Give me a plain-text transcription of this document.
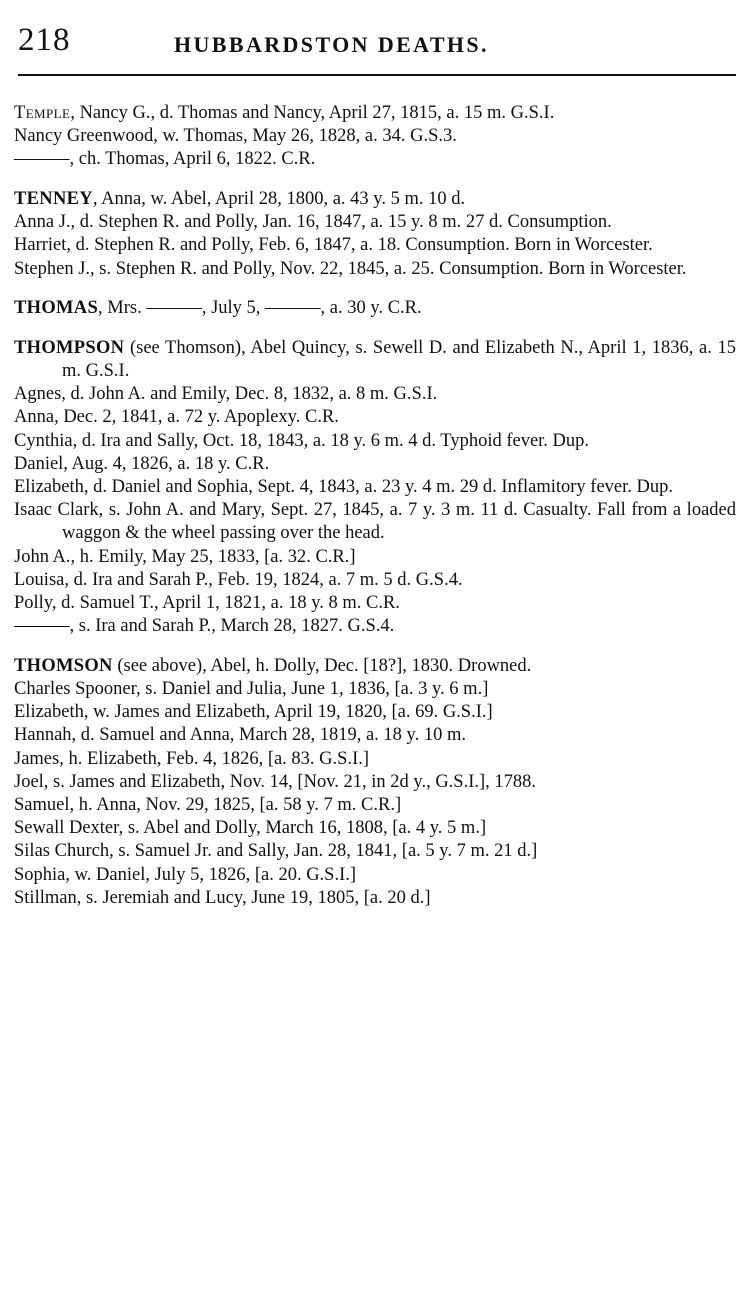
218	HUBBARDSTON DEATHS.

Temple, Nancy G., d. Thomas and Nancy, April 27, 1815, a. 15 m. G.S.I.

Nancy Greenwood, w. Thomas, May 26, 1828, a. 34. G.S.3.

———, ch. Thomas, April 6, 1822. C.R.

TENNEY, Anna, w. Abel, April 28, 1800, a. 43 y. 5 m. 10 d.

Anna J., d. Stephen R. and Polly, Jan. 16, 1847, a. 15 y. 8 m. 27 d. Consumption.

Harriet, d. Stephen R. and Polly, Feb. 6, 1847, a. 18. Consumption. Born in Worcester.

Stephen J., s. Stephen R. and Polly, Nov. 22, 1845, a. 25. Consumption. Born in Worcester.

THOMAS, Mrs. ———, July 5, ———, a. 30 y. C.R.

THOMPSON (see Thomson), Abel Quincy, s. Sewell D. and Elizabeth N., April 1, 1836, a. 15 m. G.S.I.

Agnes, d. John A. and Emily, Dec. 8, 1832, a. 8 m. G.S.I.

Anna, Dec. 2, 1841, a. 72 y. Apoplexy. C.R.

Cynthia, d. Ira and Sally, Oct. 18, 1843, a. 18 y. 6 m. 4 d. Typhoid fever. Dup.

Daniel, Aug. 4, 1826, a. 18 y. C.R.

Elizabeth, d. Daniel and Sophia, Sept. 4, 1843, a. 23 y. 4 m. 29 d. Inflamitory fever. Dup.

Isaac Clark, s. John A. and Mary, Sept. 27, 1845, a. 7 y. 3 m. 11 d. Casualty. Fall from a loaded waggon & the wheel passing over the head.

John A., h. Emily, May 25, 1833, [a. 32. C.R.]

Louisa, d. Ira and Sarah P., Feb. 19, 1824, a. 7 m. 5 d. G.S.4.

Polly, d. Samuel T., April 1, 1821, a. 18 y. 8 m. C.R.

———, s. Ira and Sarah P., March 28, 1827. G.S.4.

THOMSON (see above), Abel, h. Dolly, Dec. [18?], 1830. Drowned.

Charles Spooner, s. Daniel and Julia, June 1, 1836, [a. 3 y. 6 m.]

Elizabeth, w. James and Elizabeth, April 19, 1820, [a. 69. G.S.I.]

Hannah, d. Samuel and Anna, March 28, 1819, a. 18 y. 10 m.

James, h. Elizabeth, Feb. 4, 1826, [a. 83. G.S.I.]

Joel, s. James and Elizabeth, Nov. 14, [Nov. 21, in 2d y., G.S.I.], 1788.

Samuel, h. Anna, Nov. 29, 1825, [a. 58 y. 7 m. C.R.]

Sewall Dexter, s. Abel and Dolly, March 16, 1808, [a. 4 y. 5 m.]

Silas Church, s. Samuel Jr. and Sally, Jan. 28, 1841, [a. 5 y. 7 m. 21 d.]

Sophia, w. Daniel, July 5, 1826, [a. 20. G.S.I.]

Stillman, s. Jeremiah and Lucy, June 19, 1805, [a. 20 d.]
